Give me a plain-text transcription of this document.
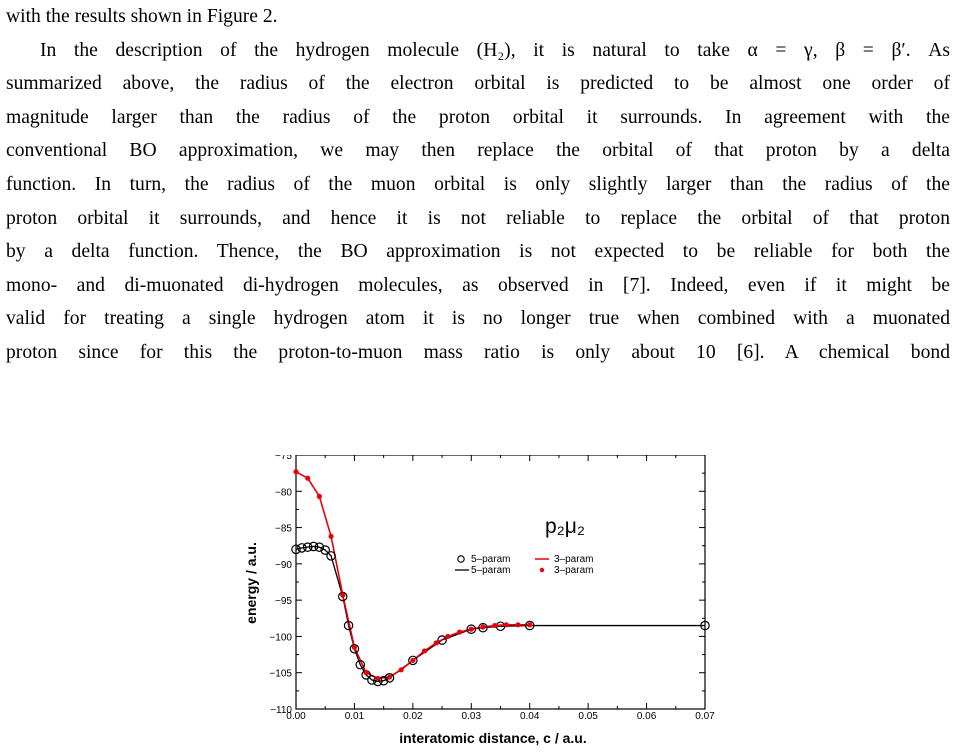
with the results shown in Figure 2.
In the description of the hydrogen molecule (H₂), it is natural to take α = γ, β = β′. As
summarized above, the radius of the electron orbital is predicted to be almost one order of
magnitude larger than the radius of the proton orbital it surrounds. In agreement with the
conventional BO approximation, we may then replace the orbital of that proton by a delta
function. In turn, the radius of the muon orbital is only slightly larger than the radius of the
proton orbital it surrounds, and hence it is not reliable to replace the orbital of that proton
by a delta function. Thence, the BO approximation is not expected to be reliable for both the
mono- and di-muonated di-hydrogen molecules, as observed in [7]. Indeed, even if it might be
valid for treating a single hydrogen atom it is no longer true when combined with a muonated
proton since for this the proton-to-muon mass ratio is only about 10 [6]. A chemical bond
0.00	0.01	0.02	0.03	0.04	0.05	0.06	0.07
−110
−105
−100
−95
−90
−85
−80
−75
energy / a.u.
interatomic distance, c / a.u.
p₂μ₂
5–param	3–param
5–param	3–param
